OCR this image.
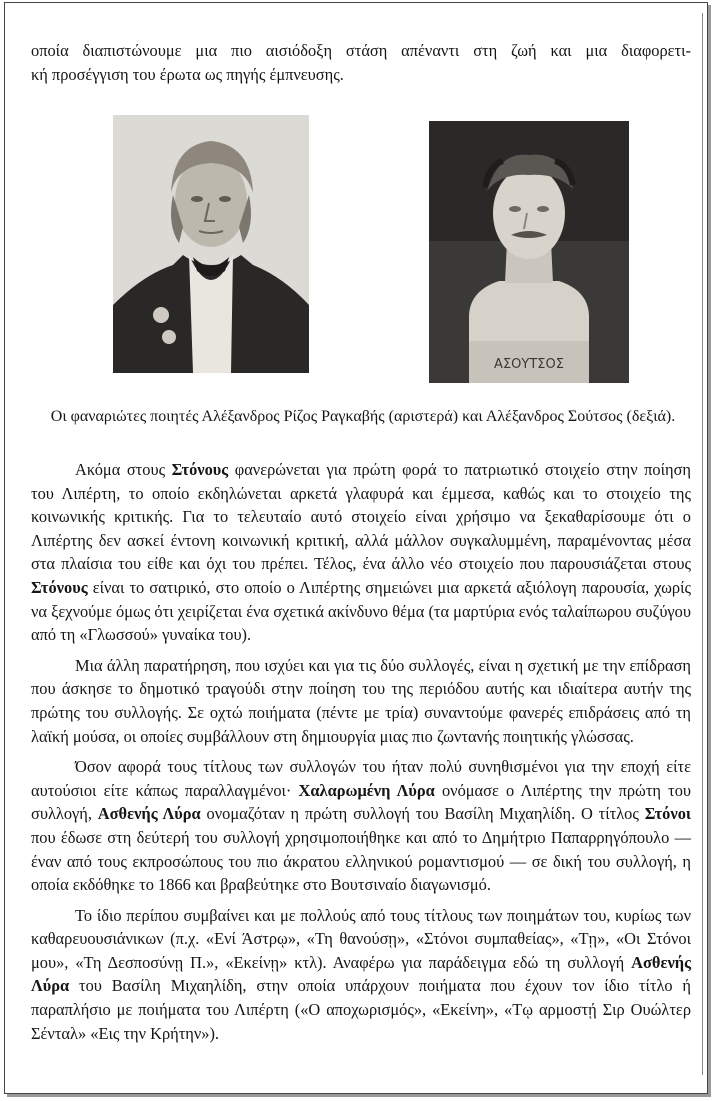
οποία διαπιστώνουμε μια πιο αισιόδοξη στάση απέναντι στη ζωή και μια διαφορετι-

κή προσέγγιση του έρωτα ως πηγής έμπνευσης.

ΑΣΟΥΤΣΟΣ
Οι φαναριώτες ποιητές Αλέξανδρος Ρίζος Ραγκαβής (αριστερά) και Αλέξανδρος Σούτσος (δεξιά).

Ακόμα στους Στόνους φανερώνεται για πρώτη φορά το πατριωτικό στοιχείο στην ποίηση του Λιπέρτη, το οποίο εκδηλώνεται αρκετά γλαφυρά και έμμεσα, καθώς και το στοιχείο της κοινωνικής κριτικής. Για το τελευταίο αυτό στοιχείο είναι χρήσιμο να ξεκαθαρίσουμε ότι ο Λιπέρτης δεν ασκεί έντονη κοινωνική κριτική, αλλά μάλλον συγκαλυμμένη, παραμένοντας μέσα στα πλαίσια του είθε και όχι του πρέπει. Τέλος, ένα άλλο νέο στοιχείο που παρουσιάζεται στους Στόνους είναι το σατιρικό, στο οποίο ο Λιπέρτης σημειώνει μια αρκετά αξιόλογη παρουσία, χωρίς να ξεχνούμε όμως ότι χειρίζεται ένα σχετικά ακίνδυνο θέμα (τα μαρτύρια ενός ταλαίπωρου συζύγου από τη «Γλωσσού» γυναίκα του).

Μια άλλη παρατήρηση, που ισχύει και για τις δύο συλλογές, είναι η σχετική με την επίδραση που άσκησε το δημοτικό τραγούδι στην ποίηση του της περιόδου αυτής και ιδιαίτερα αυτήν της πρώτης του συλλογής. Σε οχτώ ποιήματα (πέντε με τρία) συναντούμε φανερές επιδράσεις από τη λαϊκή μούσα, οι οποίες συμβάλλουν στη δημιουργία μιας πιο ζωντανής ποιητικής γλώσσας.

Όσον αφορά τους τίτλους των συλλογών του ήταν πολύ συνηθισμένοι για την εποχή είτε αυτούσιοι είτε κάπως παραλλαγμένοι· Χαλαρωμένη Λύρα ονόμασε ο Λιπέρτης την πρώτη του συλλογή, Ασθενής Λύρα ονομαζόταν η πρώτη συλλογή του Βασίλη Μιχαηλίδη. Ο τίτλος Στόνοι που έδωσε στη δεύτερή του συλλογή χρησιμοποιήθηκε και από το Δημήτριο Παπαρρηγόπουλο — έναν από τους εκπροσώπους του πιο άκρατου ελληνικού ρομαντισμού — σε δική του συλλογή, η οποία εκδόθηκε το 1866 και βραβεύτηκε στο Βουτσιναίο διαγωνισμό.

Το ίδιο περίπου συμβαίνει και με πολλούς από τους τίτλους των ποιημάτων του, κυρίως των καθαρευουσιάνικων (π.χ. «Ενί Άστρῳ», «Τη θανούσῃ», «Στόνοι συμπαθείας», «Τῃ», «Οι Στόνοι μου», «Τη Δεσποσύνῃ Π.», «Εκείνῃ» κτλ). Αναφέρω για παράδειγμα εδώ τη συλλογή Ασθενής Λύρα του Βασίλη Μιχαηλίδη, στην οποία υπάρχουν ποιήματα που έχουν τον ίδιο τίτλο ή παραπλήσιο με ποιήματα του Λιπέρτη («Ο αποχωρισμός», «Εκείνη», «Τῳ αρμοστῄ Σιρ Ουώλτερ Σένταλ» «Εις την Κρήτην»).
